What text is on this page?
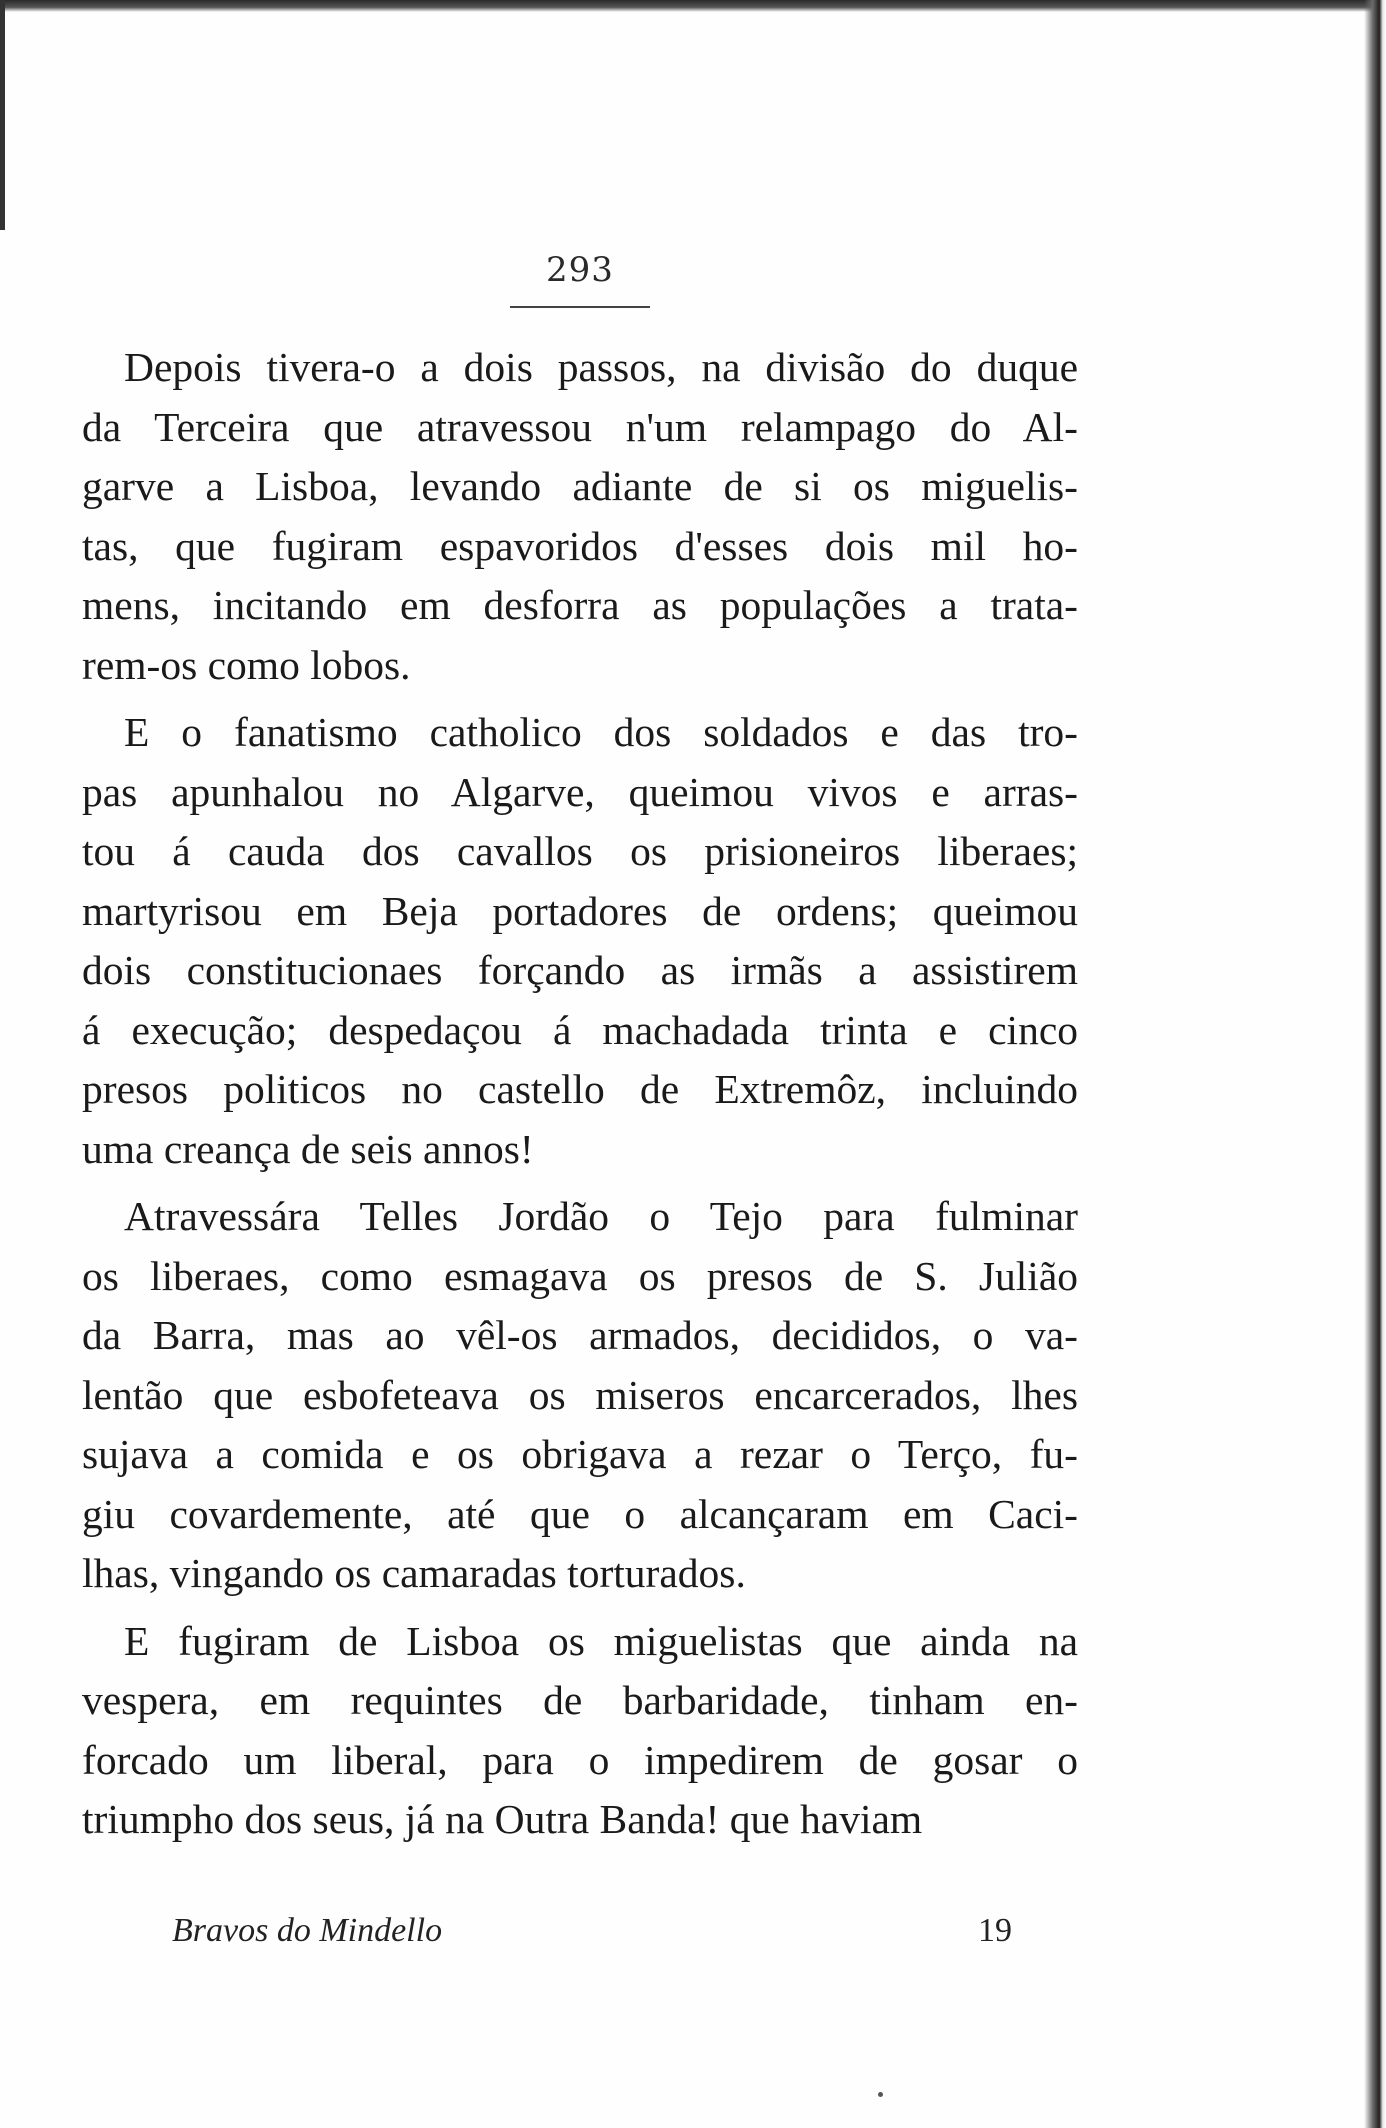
293

Depois tivera-o a dois passos, na divisão do duque
da Terceira que atravessou n'um relampago do Al-
garve a Lisboa, levando adiante de si os miguelis-
tas, que fugiram espavoridos d'esses dois mil ho-
mens, incitando em desforra as populações a trata-
rem-os como lobos.

E o fanatismo catholico dos soldados e das tro-
pas apunhalou no Algarve, queimou vivos e arras-
tou á cauda dos cavallos os prisioneiros liberaes;
martyrisou em Beja portadores de ordens; queimou
dois constitucionaes forçando as irmãs a assistirem
á execução; despedaçou á machadada trinta e cinco
presos politicos no castello de Extremôz, incluindo
uma creança de seis annos!

Atravessára Telles Jordão o Tejo para fulminar
os liberaes, como esmagava os presos de S. Julião
da Barra, mas ao vêl-os armados, decididos, o va-
lentão que esbofeteava os miseros encarcerados, lhes
sujava a comida e os obrigava a rezar o Terço, fu-
giu covardemente, até que o alcançaram em Caci-
lhas, vingando os camaradas torturados.

E fugiram de Lisboa os miguelistas que ainda na
vespera, em requintes de barbaridade, tinham en-
forcado um liberal, para o impedirem de gosar o
triumpho dos seus, já na Outra Banda! que haviam

Bravos do Mindello	19
